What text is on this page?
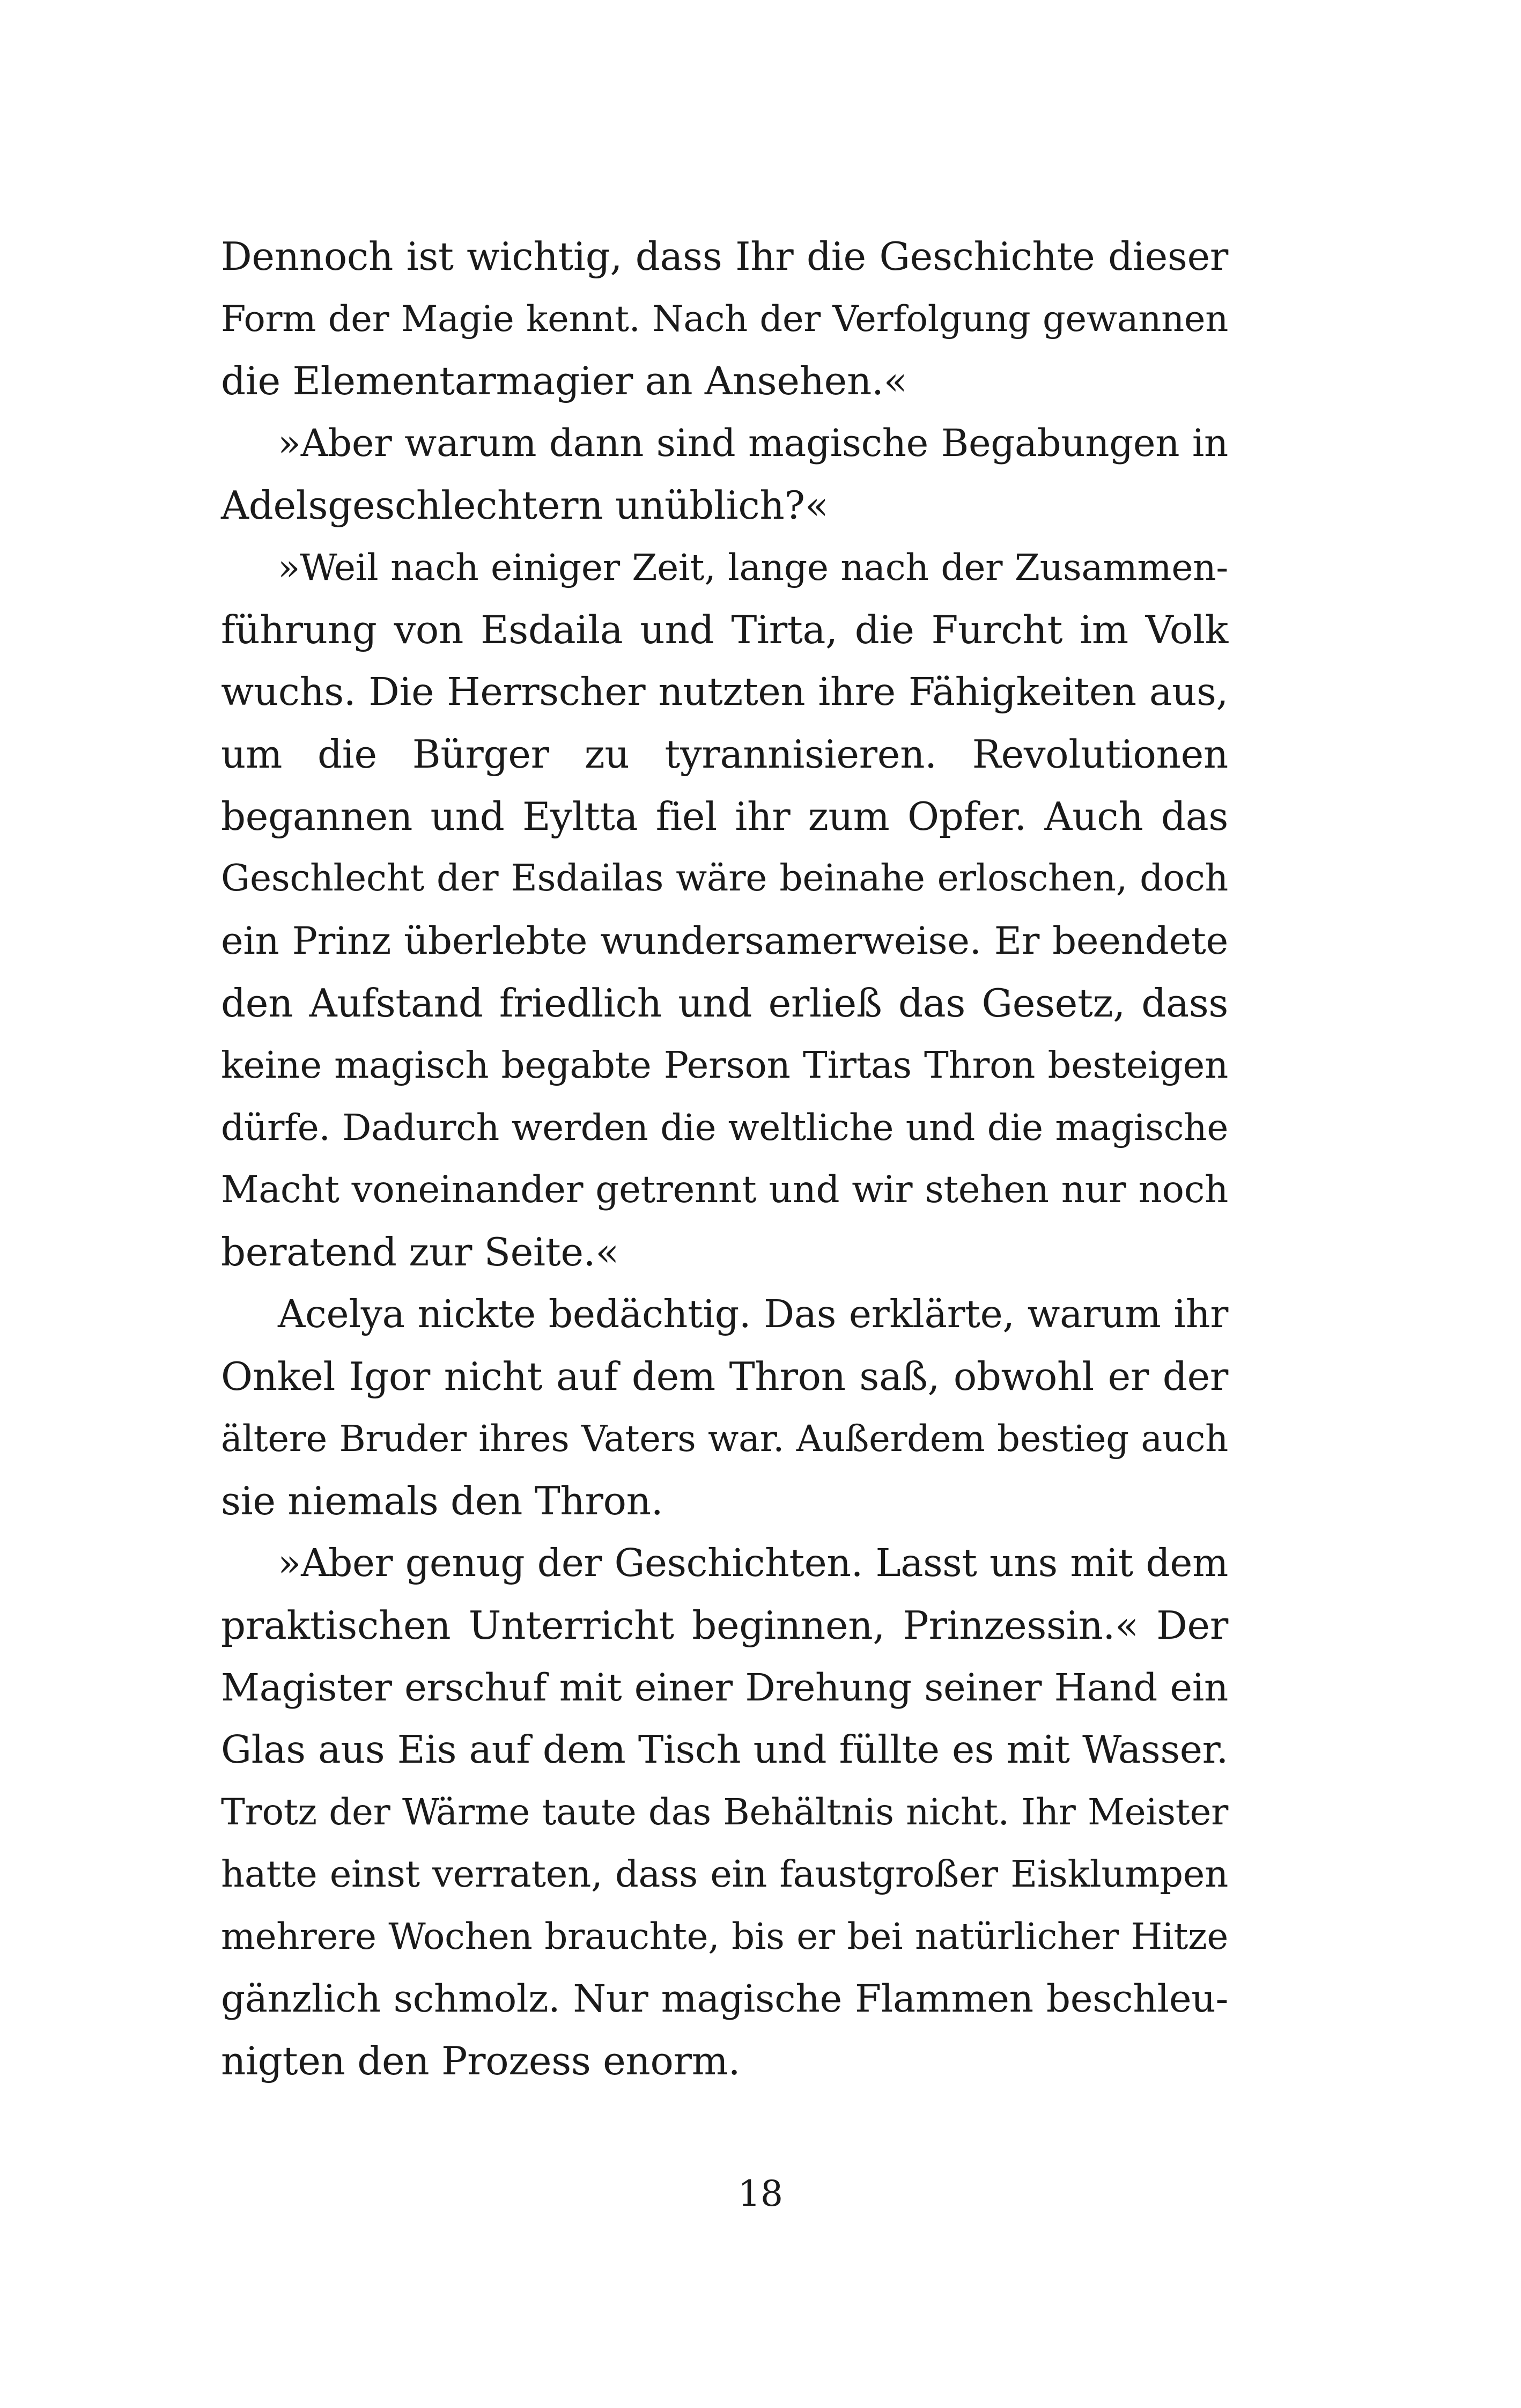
Dennoch ist wichtig, dass Ihr die Geschichte dieser
Form der Magie kennt. Nach der Verfolgung gewannen
die Elementarmagier an Ansehen.«
»Aber warum dann sind magische Begabungen in
Adelsgeschlechtern unüblich?«
»Weil nach einiger Zeit, lange nach der Zusammen-
führung von Esdaila und Tirta, die Furcht im Volk
wuchs. Die Herrscher nutzten ihre Fähigkeiten aus,
um die Bürger zu tyrannisieren. Revolutionen
begannen und Eyltta fiel ihr zum Opfer. Auch das
Geschlecht der Esdailas wäre beinahe erloschen, doch
ein Prinz überlebte wundersamerweise. Er beendete
den Aufstand friedlich und erließ das Gesetz, dass
keine magisch begabte Person Tirtas Thron besteigen
dürfe. Dadurch werden die weltliche und die magische
Macht voneinander getrennt und wir stehen nur noch
beratend zur Seite.«
Acelya nickte bedächtig. Das erklärte, warum ihr
Onkel Igor nicht auf dem Thron saß, obwohl er der
ältere Bruder ihres Vaters war. Außerdem bestieg auch
sie niemals den Thron.
»Aber genug der Geschichten. Lasst uns mit dem
praktischen Unterricht beginnen, Prinzessin.« Der
Magister erschuf mit einer Drehung seiner Hand ein
Glas aus Eis auf dem Tisch und füllte es mit Wasser.
Trotz der Wärme taute das Behältnis nicht. Ihr Meister
hatte einst verraten, dass ein faustgroßer Eisklumpen
mehrere Wochen brauchte, bis er bei natürlicher Hitze
gänzlich schmolz. Nur magische Flammen beschleu-
nigten den Prozess enorm.
18
